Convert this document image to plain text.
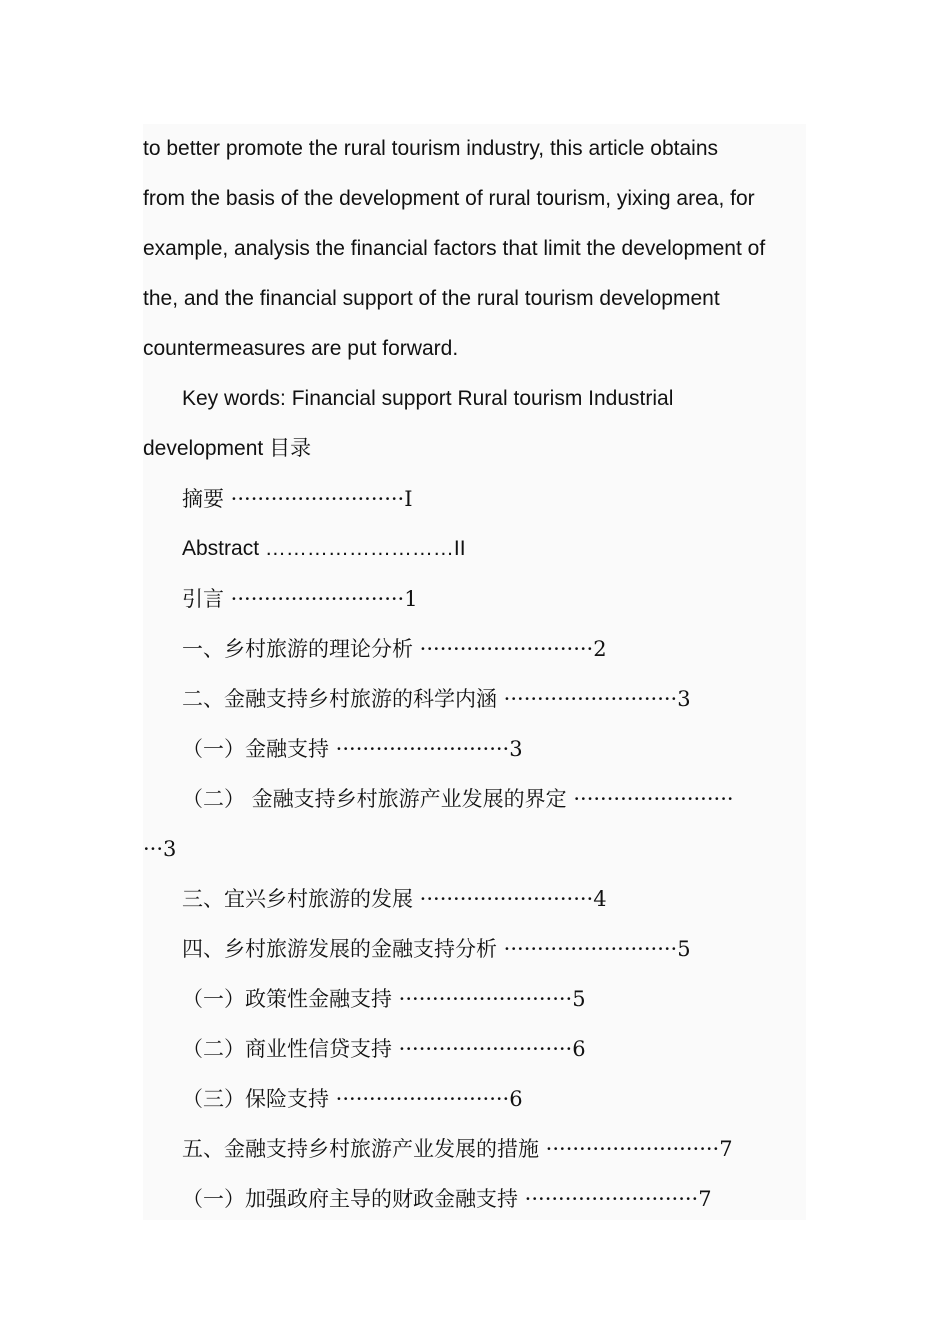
to better promote the rural tourism industry, this article obtains
from the basis of the development of rural tourism, yixing area, for
example, analysis the financial factors that limit the development of
the, and the financial support of the rural tourism development
countermeasures are put forward.
Key words: Financial support Rural tourism Industrial
development 目录
摘要 ··························I
Abstract ………………………II
引言 ··························1
一、乡村旅游的理论分析 ··························2
二、金融支持乡村旅游的科学内涵 ··························3
（一）金融支持 ··························3
（二） 金融支持乡村旅游产业发展的界定 ························
···3
三、宜兴乡村旅游的发展 ··························4
四、乡村旅游发展的金融支持分析 ··························5
（一）政策性金融支持 ··························5
（二）商业性信贷支持 ··························6
（三）保险支持 ··························6
五、金融支持乡村旅游产业发展的措施 ··························7
（一）加强政府主导的财政金融支持 ··························7
